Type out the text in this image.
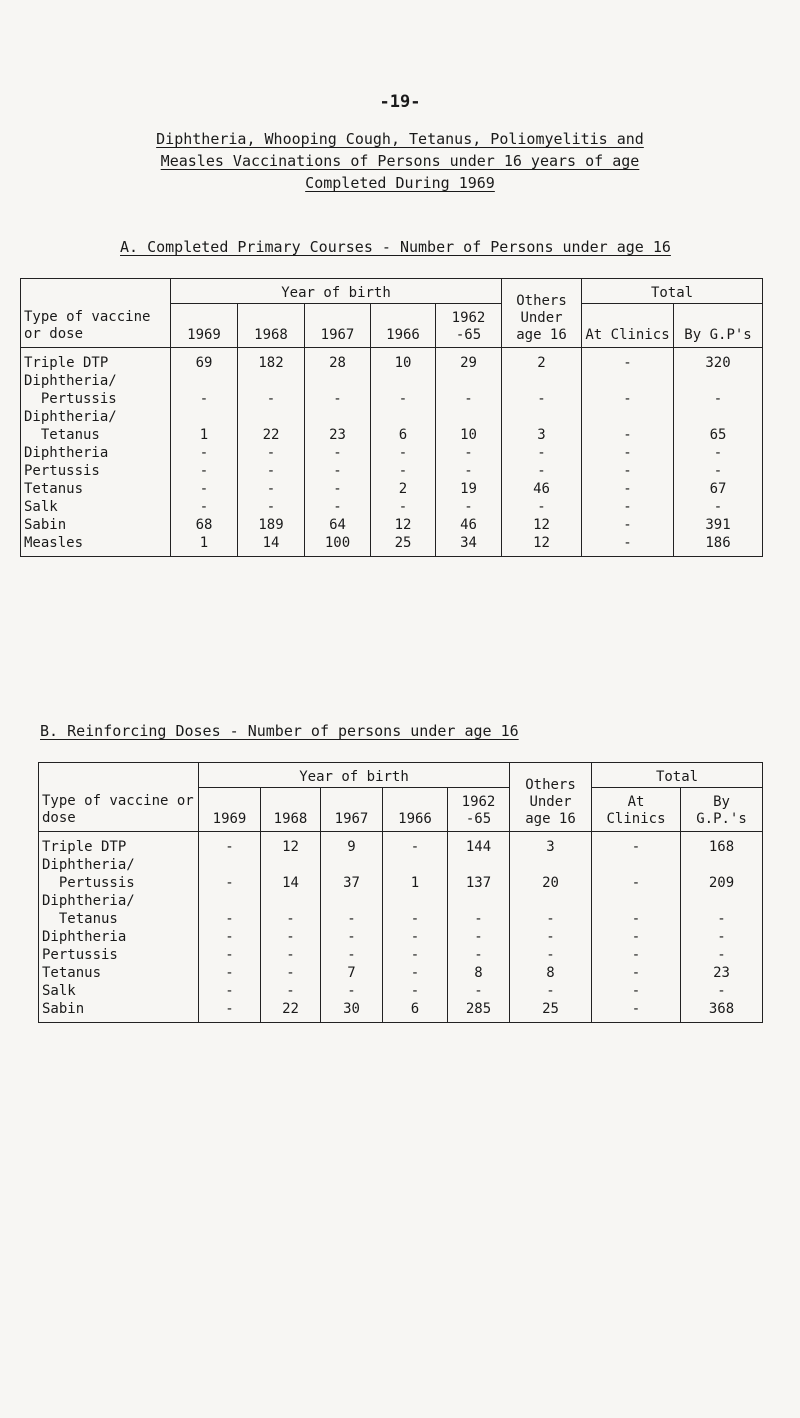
-19-
Diphtheria, Whooping Cough, Tetanus, Poliomyelitis and
Measles Vaccinations of Persons under 16 years of age
Completed During 1969
A. Completed Primary Courses - Number of Persons under age 16
Type of vaccine or dose	Year of birth					Others Under age 16	Total	
	1969	1968	1967	1966	1962 -65		At Clinics	By G.P's
Triple DTP	69	182	28	10	29	2	-	320
Diphtheria/								
Pertussis	-	-	-	-	-	-	-	-
Diphtheria/								
Tetanus	1	22	23	6	10	3	-	65
Diphtheria	-	-	-	-	-	-	-	-
Pertussis	-	-	-	-	-	-	-	-
Tetanus	-	-	-	2	19	46	-	67
Salk	-	-	-	-	-	-	-	-
Sabin	68	189	64	12	46	12	-	391
Measles	1	14	100	25	34	12	-	186
B. Reinforcing Doses - Number of persons under age 16
Type of vaccine or dose	Year of birth					Others Under age 16	Total	
	1969	1968	1967	1966	1962 -65		At Clinics	By G.P.'s
Triple DTP	-	12	9	-	144	3	-	168
Diphtheria/								
Pertussis	-	14	37	1	137	20	-	209
Diphtheria/								
Tetanus	-	-	-	-	-	-	-	-
Diphtheria	-	-	-	-	-	-	-	-
Pertussis	-	-	-	-	-	-	-	-
Tetanus	-	-	7	-	8	8	-	23
Salk	-	-	-	-	-	-	-	-
Sabin	-	22	30	6	285	25	-	368
